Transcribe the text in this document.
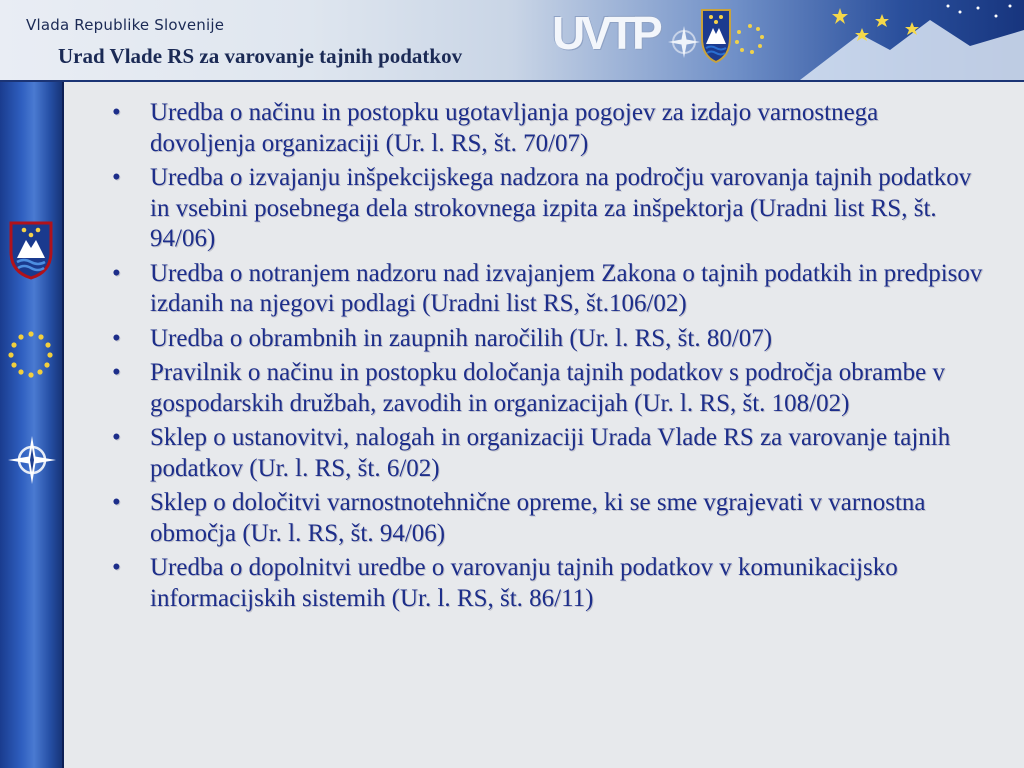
Vlada Republike Slovenije
Urad Vlade RS za varovanje tajnih podatkov UVTP
• Uredba o načinu in postopku ugotavljanja pogojev za izdajo varnostnega dovoljenja organizaciji (Ur. l. RS, št. 70/07)
• Uredba o izvajanju inšpekcijskega nadzora na področju varovanja tajnih podatkov in vsebini posebnega dela strokovnega izpita za inšpektorja (Uradni list RS, št. 94/06)
• Uredba o notranjem nadzoru nad izvajanjem Zakona o tajnih podatkih in predpisov izdanih na njegovi podlagi (Uradni list RS, št.106/02)
• Uredba o obrambnih in zaupnih naročilih (Ur. l. RS, št. 80/07)
• Pravilnik o načinu in postopku določanja tajnih podatkov s področja obrambe v gospodarskih družbah, zavodih in organizacijah (Ur. l. RS, št. 108/02)
• Sklep o ustanovitvi, nalogah in organizaciji Urada Vlade RS za varovanje tajnih podatkov (Ur. l. RS, št. 6/02)
• Sklep o določitvi varnostnotehnične opreme, ki se sme vgrajevati v varnostna območja (Ur. l. RS, št. 94/06)
• Uredba o dopolnitvi uredbe o varovanju tajnih podatkov v komunikacijsko informacijskih sistemih (Ur. l. RS, št. 86/11)
